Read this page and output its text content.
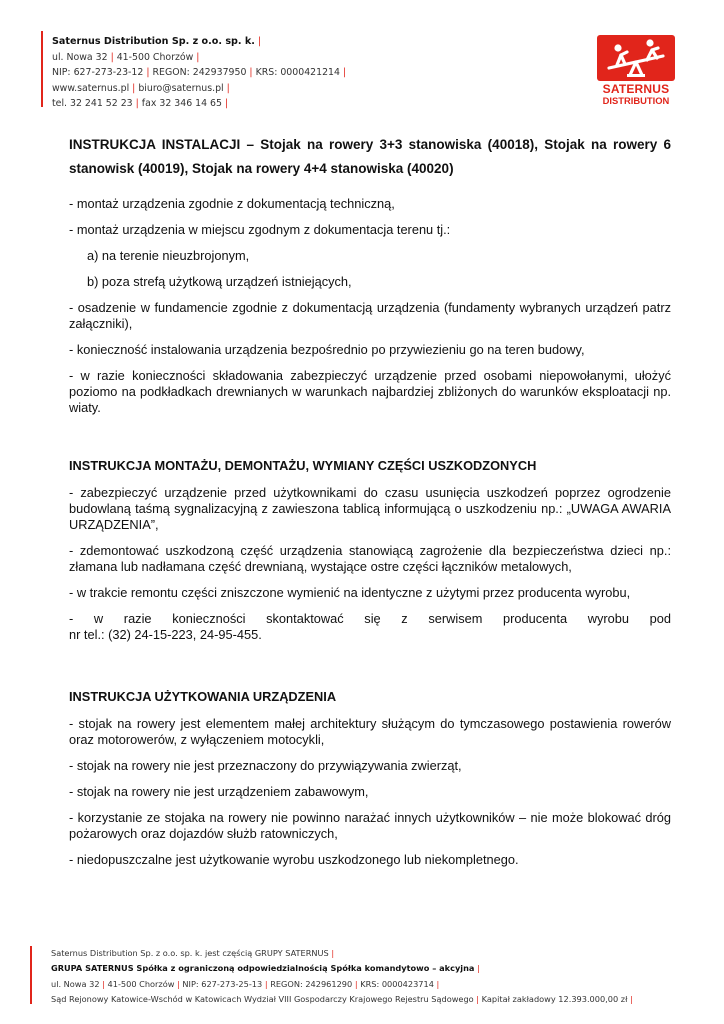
Saternus Distribution Sp. z o.o. sp. k. |
ul. Nowa 32 | 41-500 Chorzów |
NIP: 627-273-23-12 | REGON: 242937950 | KRS: 0000421214 |
www.saternus.pl | biuro@saternus.pl |
tel. 32 241 52 23 | fax 32 346 14 65 |
SATERNUS
DISTRIBUTION
INSTRUKCJA INSTALACJI – Stojak na rowery 3+3 stanowiska (40018), Stojak na rowery 6 stanowisk (40019), Stojak na rowery 4+4 stanowiska (40020)
- montaż urządzenia zgodnie z dokumentacją techniczną,
- montaż urządzenia w miejscu zgodnym z dokumentacja terenu tj.:
a) na terenie nieuzbrojonym,
b) poza strefą użytkową urządzeń istniejących,
- osadzenie w fundamencie zgodnie z dokumentacją urządzenia (fundamenty wybranych urządzeń patrz załączniki),
- konieczność instalowania urządzenia bezpośrednio po przywiezieniu go na teren budowy,
- w razie konieczności składowania zabezpieczyć urządzenie przed osobami niepowołanymi, ułożyć poziomo na podkładkach drewnianych w warunkach najbardziej zbliżonych do warunków eksploatacji np. wiaty.
INSTRUKCJA MONTAŻU, DEMONTAŻU, WYMIANY CZĘŚCI USZKODZONYCH
- zabezpieczyć urządzenie przed użytkownikami do czasu usunięcia uszkodzeń poprzez ogrodzenie budowlaną taśmą sygnalizacyjną z zawieszona tablicą informującą o uszkodzeniu np.: „UWAGA AWARIA URZĄDZENIA”,
- zdemontować uszkodzoną część urządzenia stanowiącą zagrożenie dla bezpieczeństwa dzieci np.: złamana lub nadłamana część drewnianą, wystające ostre części łączników metalowych,
- w trakcie remontu części zniszczone wymienić na identyczne z użytymi przez producenta wyrobu,
- w razie konieczności skontaktować się z serwisem producenta wyrobu pod
nr tel.: (32) 24-15-223, 24-95-455.
INSTRUKCJA UŻYTKOWANIA URZĄDZENIA
- stojak na rowery jest elementem małej architektury służącym do tymczasowego postawienia rowerów oraz motorowerów, z wyłączeniem motocykli,
- stojak na rowery nie jest przeznaczony do przywiązywania zwierząt,
- stojak na rowery nie jest urządzeniem zabawowym,
- korzystanie ze stojaka na rowery nie powinno narażać innych użytkowników – nie może blokować dróg pożarowych oraz dojazdów służb ratowniczych,
- niedopuszczalne jest użytkowanie wyrobu uszkodzonego lub niekompletnego.
Saternus Distribution Sp. z o.o. sp. k. jest częścią GRUPY SATERNUS |
GRUPA SATERNUS Spółka z ograniczoną odpowiedzialnością Spółka komandytowo – akcyjna |
ul. Nowa 32 | 41-500 Chorzów | NIP: 627-273-25-13 | REGON: 242961290 | KRS: 0000423714 |
Sąd Rejonowy Katowice-Wschód w Katowicach Wydział VIII Gospodarczy Krajowego Rejestru Sądowego | Kapitał zakładowy 12.393.000,00 zł |
